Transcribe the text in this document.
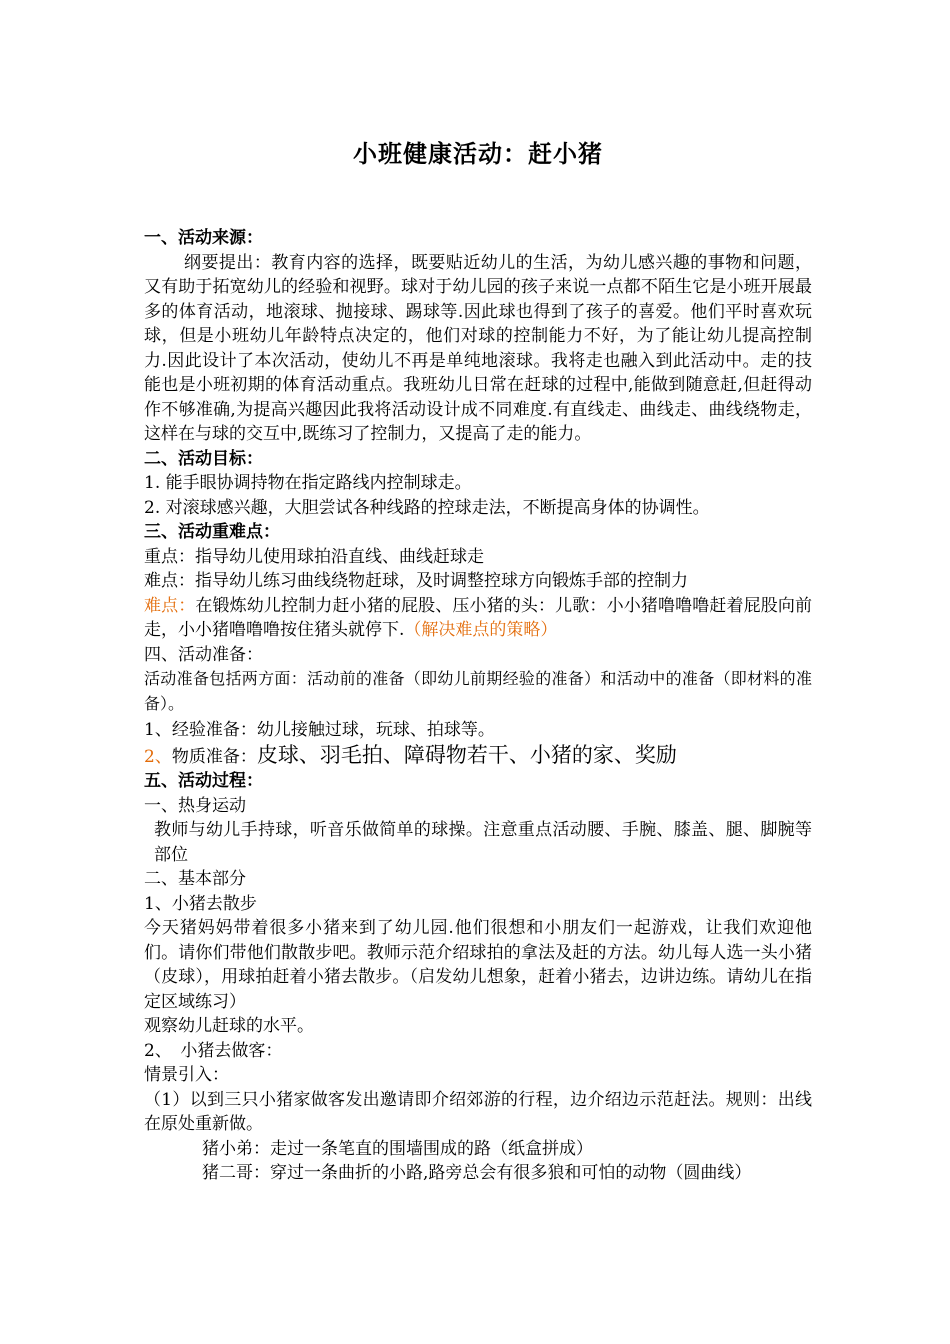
小班健康活动：赶小猪

一、活动来源：

纲要提出：教育内容的选择，既要贴近幼儿的生活，为幼儿感兴趣的事物和问题，又有助于拓宽幼儿的经验和视野。球对于幼儿园的孩子来说一点都不陌生它是小班开展最多的体育活动，地滚球、抛接球、踢球等.因此球也得到了孩子的喜爱。他们平时喜欢玩球，但是小班幼儿年龄特点决定的，他们对球的控制能力不好，为了能让幼儿提高控制力.因此设计了本次活动，使幼儿不再是单纯地滚球。我将走也融入到此活动中。走的技能也是小班初期的体育活动重点。我班幼儿日常在赶球的过程中,能做到随意赶,但赶得动作不够准确,为提高兴趣因此我将活动设计成不同难度.有直线走、曲线走、曲线绕物走，这样在与球的交互中,既练习了控制力，又提高了走的能力。

二、活动目标：

1. 能手眼协调持物在指定路线内控制球走。

2. 对滚球感兴趣，大胆尝试各种线路的控球走法，不断提高身体的协调性。

三、活动重难点：

重点：指导幼儿使用球拍沿直线、曲线赶球走

难点：指导幼儿练习曲线绕物赶球，及时调整控球方向锻炼手部的控制力

难点：在锻炼幼儿控制力赶小猪的屁股、压小猪的头：儿歌：小小猪噜噜噜赶着屁股向前走，小小猪噜噜噜按住猪头就停下.（解决难点的策略）

四、活动准备：

活动准备包括两方面：活动前的准备（即幼儿前期经验的准备）和活动中的准备（即材料的准备）。

1、经验准备：幼儿接触过球，玩球、拍球等。

2、物质准备：皮球、羽毛拍、障碍物若干、小猪的家、奖励

五、活动过程：

一、热身运动

教师与幼儿手持球，听音乐做简单的球操。注意重点活动腰、手腕、膝盖、腿、脚腕等部位

二、基本部分

1、小猪去散步

今天猪妈妈带着很多小猪来到了幼儿园.他们很想和小朋友们一起游戏，让我们欢迎他们。请你们带他们散散步吧。教师示范介绍球拍的拿法及赶的方法。幼儿每人选一头小猪（皮球），用球拍赶着小猪去散步。（启发幼儿想象，赶着小猪去，边讲边练。请幼儿在指定区域练习）

观察幼儿赶球的水平。

2、　小猪去做客：

情景引入：

（1）以到三只小猪家做客发出邀请即介绍郊游的行程，边介绍边示范赶法。规则：出线在原处重新做。

猪小弟：走过一条笔直的围墙围成的路（纸盒拼成）

猪二哥：穿过一条曲折的小路,路旁总会有很多狼和可怕的动物（圆曲线）
